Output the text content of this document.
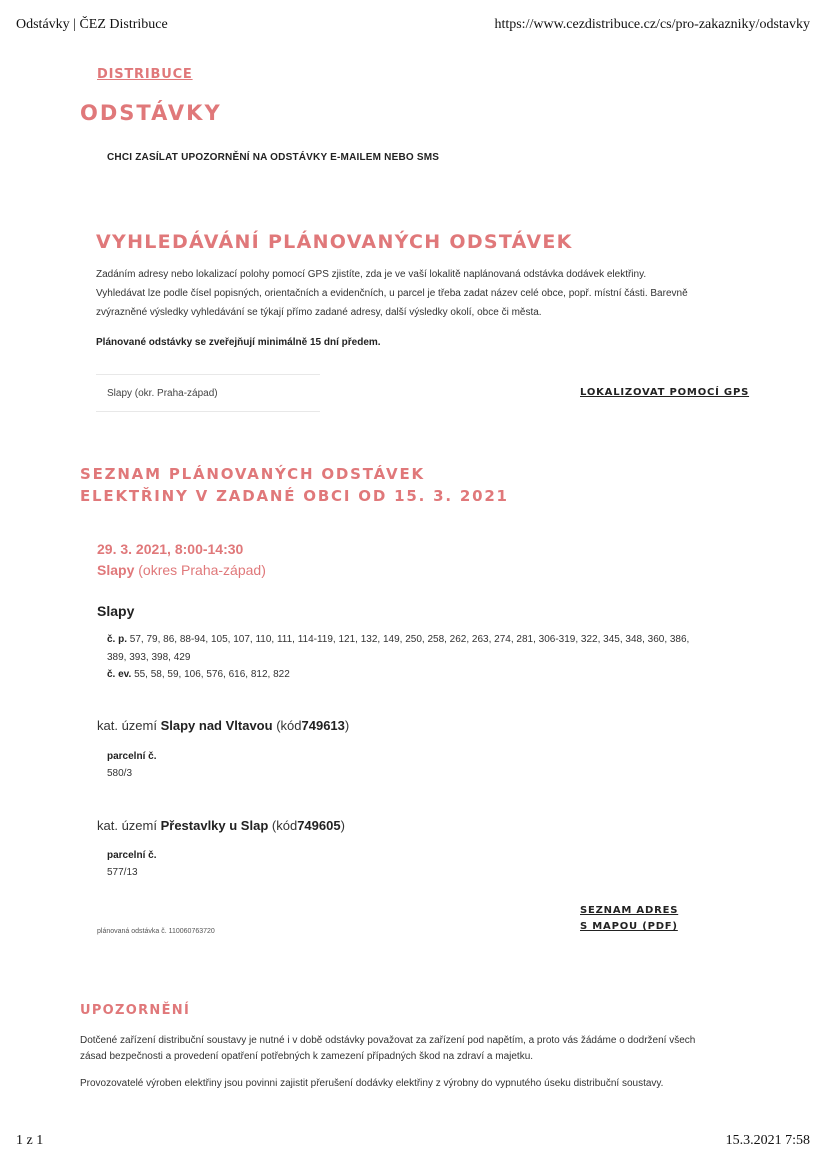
Odstávky | ČEZ Distribuce	https://www.cezdistribuce.cz/cs/pro-zakazniky/odstavky
DISTRIBUCE
ODSTÁVKY
CHCI ZASÍLAT UPOZORNĚNÍ NA ODSTÁVKY E-MAILEM NEBO SMS
VYHLEDÁVÁNÍ PLÁNOVANÝCH ODSTÁVEK
Zadáním adresy nebo lokalizací polohy pomocí GPS zjistíte, zda je ve vaší lokalitě naplánovaná odstávka dodávek elektřiny.
Vyhledávat lze podle čísel popisných, orientačních a evidenčních, u parcel je třeba zadat název celé obce, popř. místní části. Barevně
zvýrazněné výsledky vyhledávání se týkají přímo zadané adresy, další výsledky okolí, obce či města.
Plánované odstávky se zveřejňují minimálně 15 dní předem.
Slapy (okr. Praha-západ)	LOKALIZOVAT POMOCÍ GPS
SEZNAM PLÁNOVANÝCH ODSTÁVEK
ELEKTŘINY V ZADANÉ OBCI OD 15. 3. 2021
29. 3. 2021, 8:00-14:30
Slapy (okres Praha-západ)
Slapy
č. p. 57, 79, 86, 88-94, 105, 107, 110, 111, 114-119, 121, 132, 149, 250, 258, 262, 263, 274, 281, 306-319, 322, 345, 348, 360, 386,
389, 393, 398, 429
č. ev. 55, 58, 59, 106, 576, 616, 812, 822
kat. území Slapy nad Vltavou (kód749613)
parcelní č.
580/3
kat. území Přestavlky u Slap (kód749605)
parcelní č.
577/13
SEZNAM ADRES
S MAPOU (PDF)
plánovaná odstávka č. 110060763720
UPOZORNĚNÍ
Dotčené zařízení distribuční soustavy je nutné i v době odstávky považovat za zařízení pod napětím, a proto vás žádáme o dodržení všech
zásad bezpečnosti a provedení opatření potřebných k zamezení případných škod na zdraví a majetku.
Provozovatelé výroben elektřiny jsou povinni zajistit přerušení dodávky elektřiny z výrobny do vypnutého úseku distribuční soustavy.
1 z 1	15.3.2021 7:58
